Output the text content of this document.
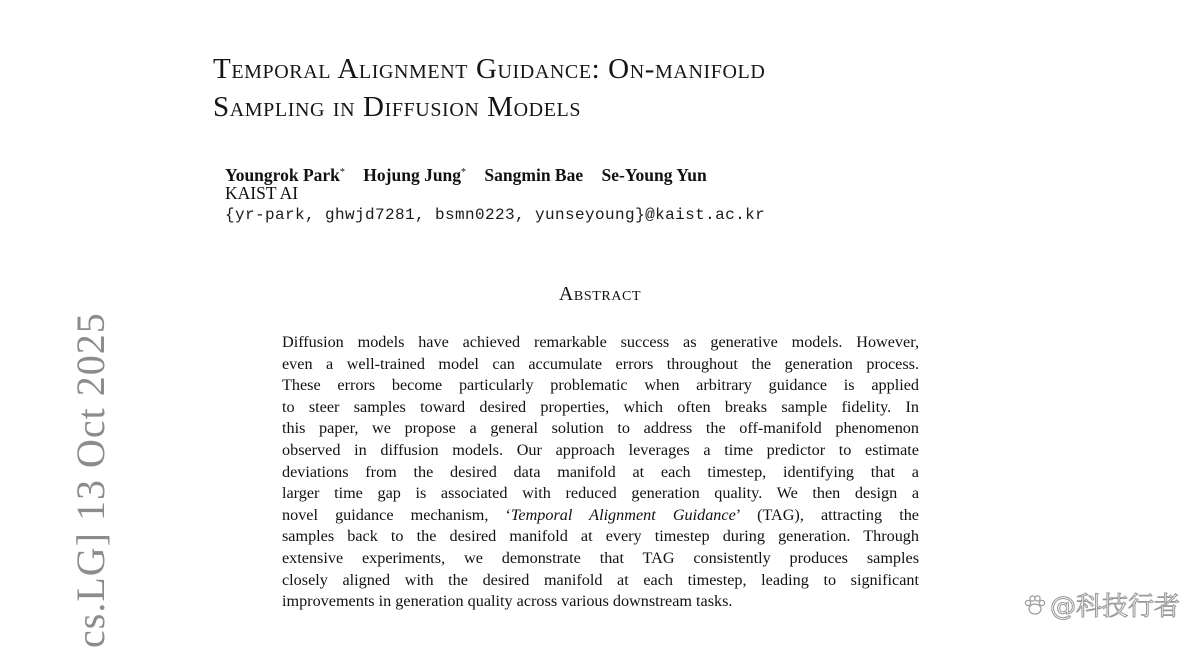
Temporal Alignment Guidance: On-manifold
Sampling in Diffusion Models
Youngrok Park* Hojung Jung* Sangmin Bae Se-Young Yun
KAIST AI
{yr-park, ghwjd7281, bsmn0223, yunseyoung}@kaist.ac.kr
Abstract

Diffusion models have achieved remarkable success as generative models. However,
even a well-trained model can accumulate errors throughout the generation process.
These errors become particularly problematic when arbitrary guidance is applied
to steer samples toward desired properties, which often breaks sample fidelity. In
this paper, we propose a general solution to address the off-manifold phenomenon
observed in diffusion models. Our approach leverages a time predictor to estimate
deviations from the desired data manifold at each timestep, identifying that a
larger time gap is associated with reduced generation quality. We then design a
novel guidance mechanism, ‘Temporal Alignment Guidance’ (TAG), attracting the
samples back to the desired manifold at every timestep during generation. Through
extensive experiments, we demonstrate that TAG consistently produces samples
closely aligned with the desired manifold at each timestep, leading to significant
improvements in generation quality across various downstream tasks.

cs.LG] 13 Oct 2025	@科技行者
